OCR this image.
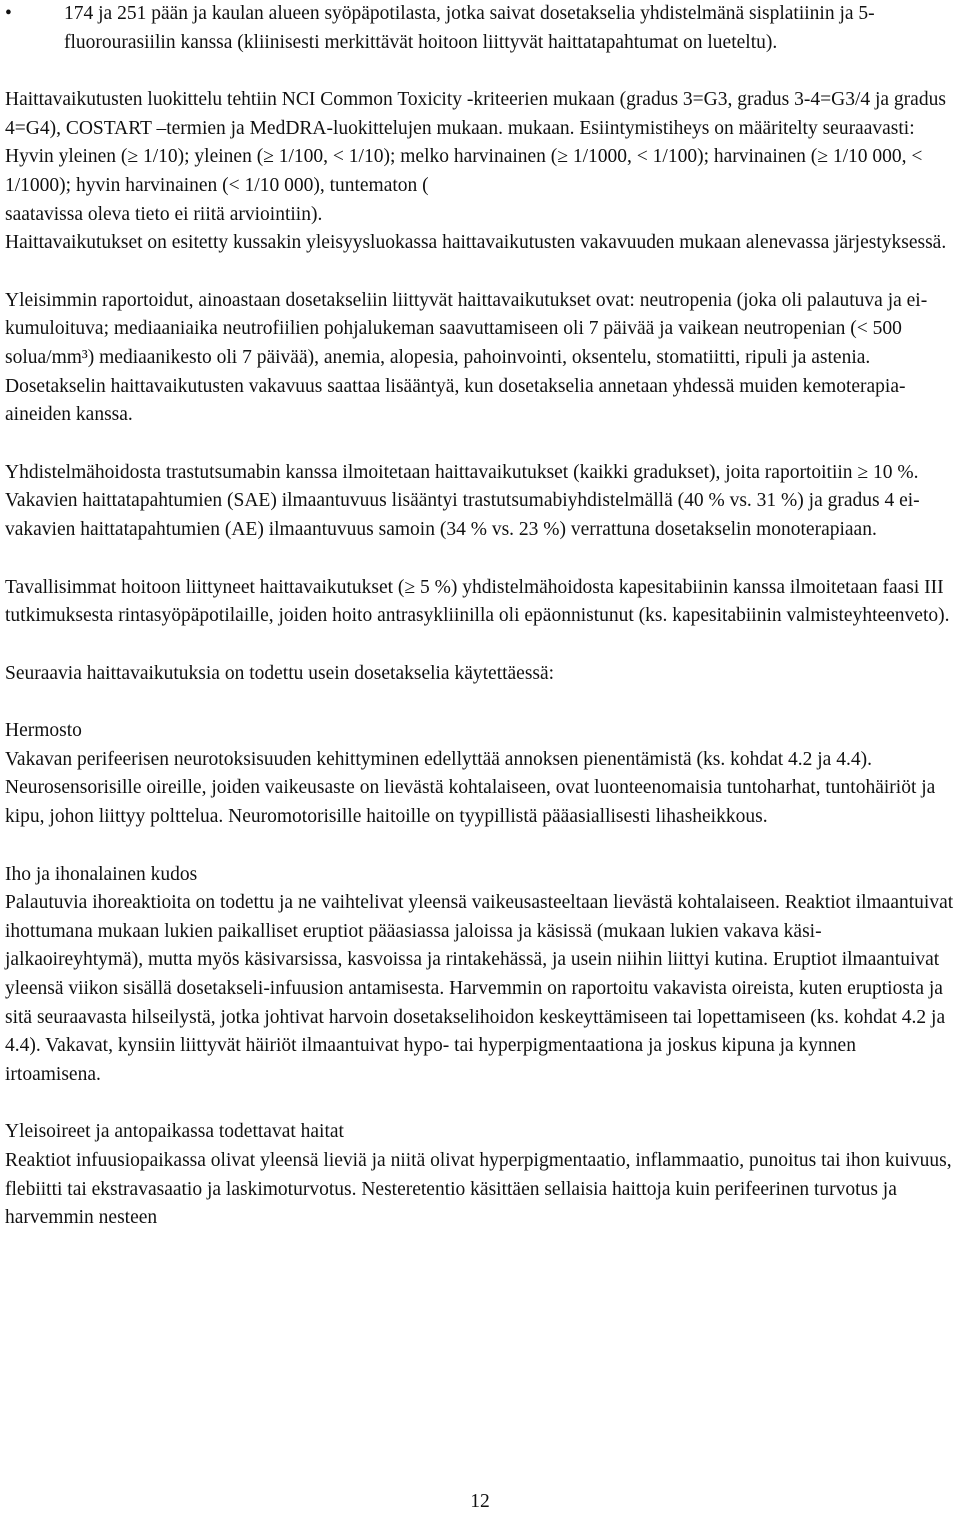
•	174 ja 251 pään ja kaulan alueen syöpäpotilasta, jotka saivat dosetakselia yhdistelmänä sisplatiinin ja 5-fluorourasiilin kanssa (kliinisesti merkittävät hoitoon liittyvät haittatapahtumat on lueteltu).

Haittavaikutusten luokittelu tehtiin NCI Common Toxicity -kriteerien mukaan (gradus 3=G3, gradus 3-4=G3/4 ja gradus 4=G4), COSTART –termien ja MedDRA-luokittelujen mukaan. mukaan. Esiintymistiheys on määritelty seuraavasti: Hyvin yleinen (≥ 1/10); yleinen (≥ 1/100, < 1/10); melko harvinainen (≥ 1/1000, < 1/100); harvinainen (≥ 1/10 000, < 1/1000); hyvin harvinainen (< 1/10 000), tuntematon (

saatavissa oleva tieto ei riitä arviointiin).

Haittavaikutukset on esitetty kussakin yleisyysluokassa haittavaikutusten vakavuuden mukaan alenevassa järjestyksessä.

Yleisimmin raportoidut, ainoastaan dosetakseliin liittyvät haittavaikutukset ovat: neutropenia (joka oli palautuva ja ei-kumuloituva; mediaaniaika neutrofiilien pohjalukeman saavuttamiseen oli 7 päivää ja vaikean neutropenian (< 500 solua/mm³) mediaanikesto oli 7 päivää), anemia, alopesia, pahoinvointi, oksentelu, stomatiitti, ripuli ja astenia. Dosetakselin haittavaikutusten vakavuus saattaa lisääntyä, kun dosetakselia annetaan yhdessä muiden kemoterapia-aineiden kanssa.

Yhdistelmähoidosta trastutsumabin kanssa ilmoitetaan haittavaikutukset (kaikki gradukset), joita raportoitiin ≥ 10 %. Vakavien haittatapahtumien (SAE) ilmaantuvuus lisääntyi trastutsumabiyhdistelmällä (40 % vs. 31 %) ja gradus 4 ei-vakavien haittatapahtumien (AE) ilmaantuvuus samoin (34 % vs. 23 %) verrattuna dosetakselin monoterapiaan.

Tavallisimmat hoitoon liittyneet haittavaikutukset (≥ 5 %) yhdistelmähoidosta kapesitabiinin kanssa ilmoitetaan faasi III tutkimuksesta rintasyöpäpotilaille, joiden hoito antrasykliinilla oli epäonnistunut (ks. kapesitabiinin valmisteyhteenveto).

Seuraavia haittavaikutuksia on todettu usein dosetakselia käytettäessä:

Hermosto

Vakavan perifeerisen neurotoksisuuden kehittyminen edellyttää annoksen pienentämistä (ks. kohdat 4.2 ja 4.4). Neurosensorisille oireille, joiden vaikeusaste on lievästä kohtalaiseen, ovat luonteenomaisia tuntoharhat, tuntohäiriöt ja kipu, johon liittyy polttelua. Neuromotorisille haitoille on tyypillistä pääasiallisesti lihasheikkous.

Iho ja ihonalainen kudos

Palautuvia ihoreaktioita on todettu ja ne vaihtelivat yleensä vaikeusasteeltaan lievästä kohtalaiseen. Reaktiot ilmaantuivat ihottumana mukaan lukien paikalliset eruptiot pääasiassa jaloissa ja käsissä (mukaan lukien vakava käsi-jalkaoireyhtymä), mutta myös käsivarsissa, kasvoissa ja rintakehässä, ja usein niihin liittyi kutina. Eruptiot ilmaantuivat yleensä viikon sisällä dosetakseli-infuusion antamisesta. Harvemmin on raportoitu vakavista oireista, kuten eruptiosta ja sitä seuraavasta hilseilystä, jotka johtivat harvoin dosetakselihoidon keskeyttämiseen tai lopettamiseen (ks. kohdat 4.2 ja 4.4). Vakavat, kynsiin liittyvät häiriöt ilmaantuivat hypo- tai hyperpigmentaationa ja joskus kipuna ja kynnen irtoamisena.

Yleisoireet ja antopaikassa todettavat haitat

Reaktiot infuusiopaikassa olivat yleensä lieviä ja niitä olivat hyperpigmentaatio, inflammaatio, punoitus tai ihon kuivuus, flebiitti tai ekstravasaatio ja laskimoturvotus. Nesteretentio käsittäen sellaisia haittoja kuin perifeerinen turvotus ja harvemmin nesteen

12
